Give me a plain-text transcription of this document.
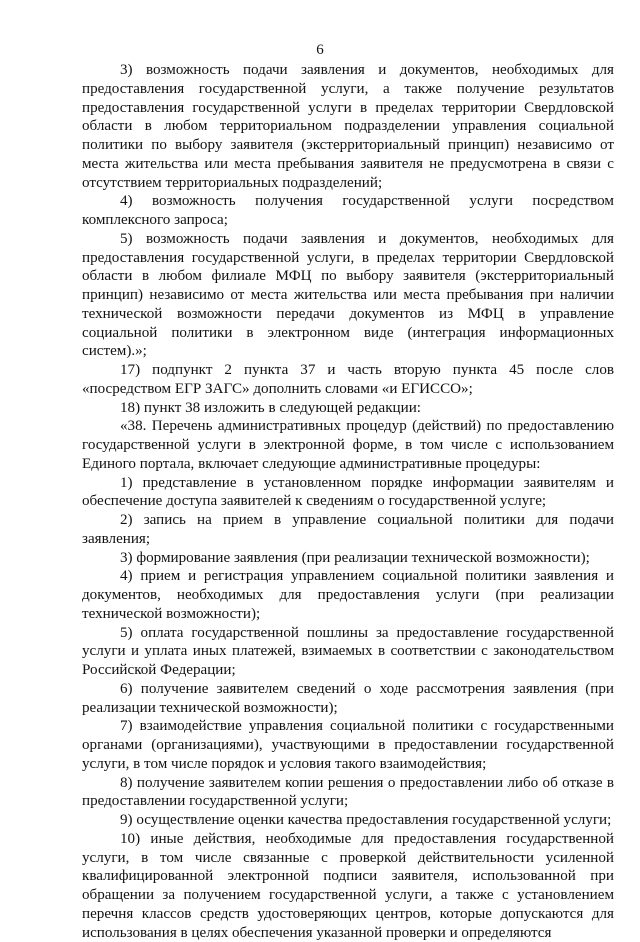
6

3) возможность подачи заявления и документов, необходимых для предоставления государственной услуги, а также получение результатов предоставления государственной услуги в пределах территории Свердловской области в любом территориальном подразделении управления социальной политики по выбору заявителя (экстерриториальный принцип) независимо от места жительства или места пребывания заявителя не предусмотрена в связи с отсутствием территориальных подразделений;

4) возможность получения государственной услуги посредством комплексного запроса;

5) возможность подачи заявления и документов, необходимых для предоставления государственной услуги, в пределах территории Свердловской области в любом филиале МФЦ по выбору заявителя (экстерриториальный принцип) независимо от места жительства или места пребывания при наличии технической возможности передачи документов из МФЦ в управление социальной политики в электронном виде (интеграция информационных систем).»;

17) подпункт 2 пункта 37 и часть вторую пункта 45 после слов «посредством ЕГР ЗАГС» дополнить словами «и ЕГИССО»;

18) пункт 38 изложить в следующей редакции:

«38. Перечень административных процедур (действий) по предоставлению государственной услуги в электронной форме, в том числе с использованием Единого портала, включает следующие административные процедуры:

1) представление в установленном порядке информации заявителям и обеспечение доступа заявителей к сведениям о государственной услуге;

2) запись на прием в управление социальной политики для подачи заявления;

3) формирование заявления (при реализации технической возможности);

4) прием и регистрация управлением социальной политики заявления и документов, необходимых для предоставления услуги (при реализации технической возможности);

5) оплата государственной пошлины за предоставление государственной услуги и уплата иных платежей, взимаемых в соответствии с законодательством Российской Федерации;

6) получение заявителем сведений о ходе рассмотрения заявления (при реализации технической возможности);

7) взаимодействие управления социальной политики с государственными органами (организациями), участвующими в предоставлении государственной услуги, в том числе порядок и условия такого взаимодействия;

8) получение заявителем копии решения о предоставлении либо об отказе в предоставлении государственной услуги;

9) осуществление оценки качества предоставления государственной услуги;

10) иные действия, необходимые для предоставления государственной услуги, в том числе связанные с проверкой действительности усиленной квалифицированной электронной подписи заявителя, использованной при обращении за получением государственной услуги, а также с установлением перечня классов средств удостоверяющих центров, которые допускаются для использования в целях обеспечения указанной проверки и определяются
